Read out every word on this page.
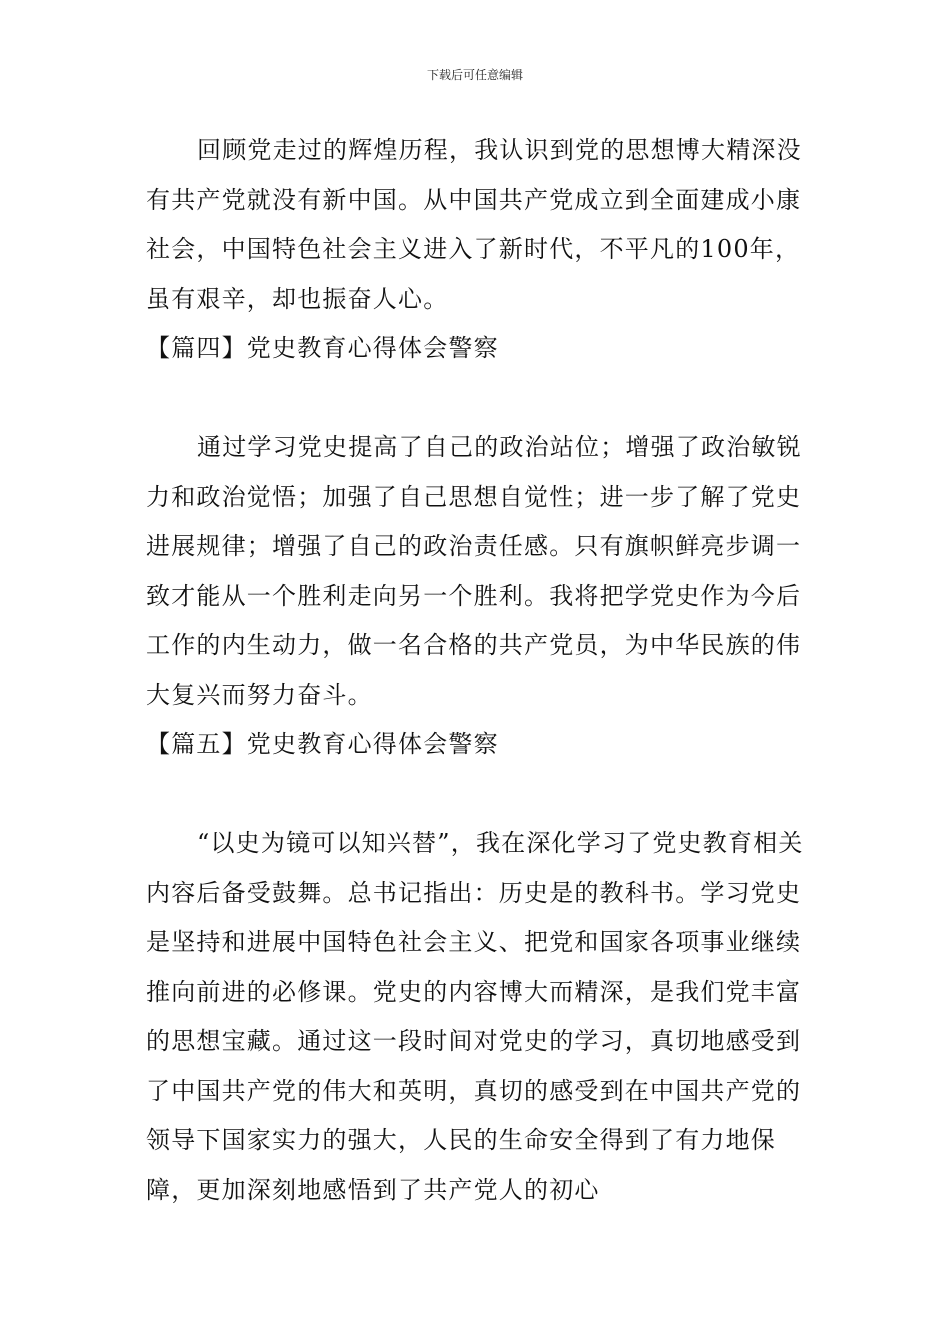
下载后可任意编辑

回顾党走过的辉煌历程，我认识到党的思想博大精深没有共产党就没有新中国。从中国共产党成立到全面建成小康社会，中国特色社会主义进入了新时代，不平凡的100年，虽有艰辛，却也振奋人心。

【篇四】党史教育心得体会警察

通过学习党史提高了自己的政治站位；增强了政治敏锐力和政治觉悟；加强了自己思想自觉性；进一步了解了党史进展规律；增强了自己的政治责任感。只有旗帜鲜亮步调一致才能从一个胜利走向另一个胜利。我将把学党史作为今后工作的内生动力，做一名合格的共产党员，为中华民族的伟大复兴而努力奋斗。

【篇五】党史教育心得体会警察

“以史为镜可以知兴替”，我在深化学习了党史教育相关内容后备受鼓舞。总书记指出：历史是的教科书。学习党史是坚持和进展中国特色社会主义、把党和国家各项事业继续推向前进的必修课。党史的内容博大而精深，是我们党丰富的思想宝藏。通过这一段时间对党史的学习，真切地感受到了中国共产党的伟大和英明，真切的感受到在中国共产党的领导下国家实力的强大，人民的生命安全得到了有力地保障，更加深刻地感悟到了共产党人的初心
